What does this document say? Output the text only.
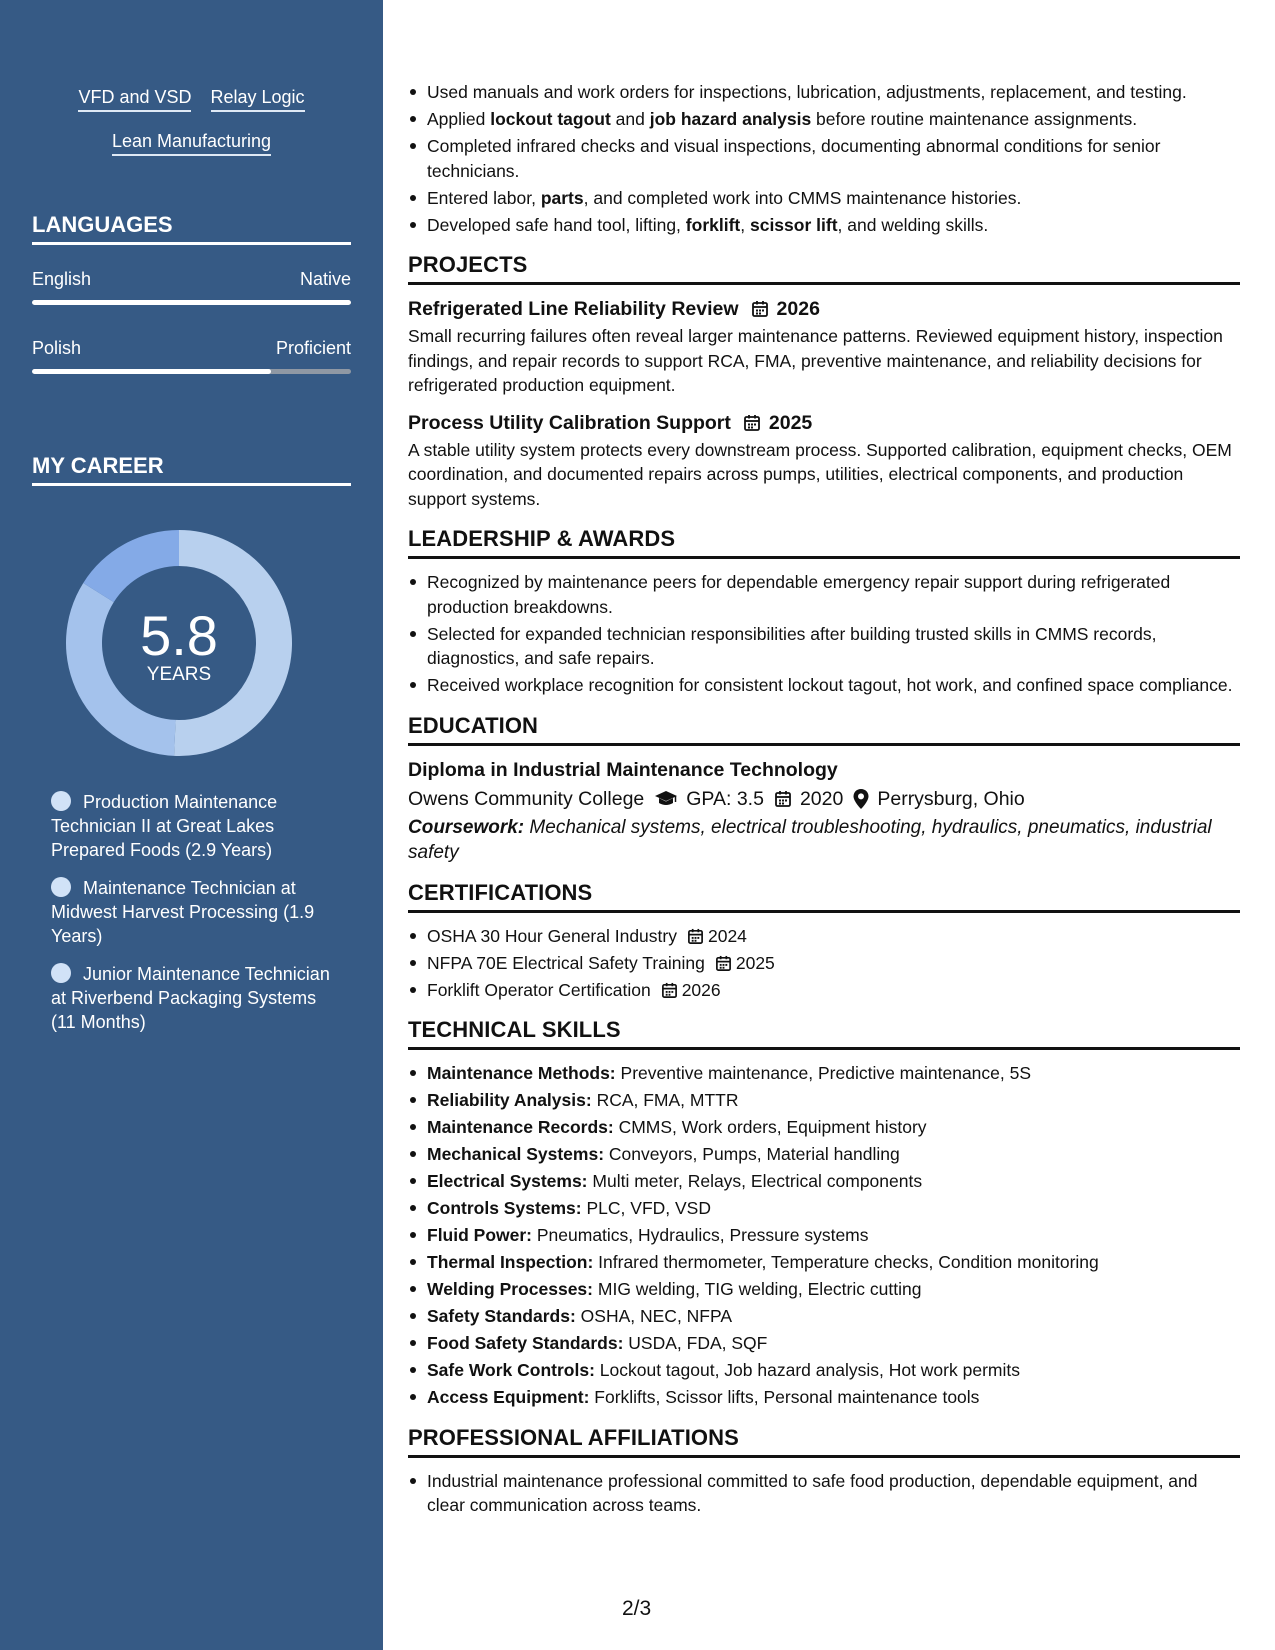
VFD and VSD Relay Logic
Lean Manufacturing
LANGUAGES
English	Native
Polish	Proficient
MY CAREER
5.8
YEARS
Production Maintenance Technician II at Great Lakes Prepared Foods (2.9 Years)
Maintenance Technician at Midwest Harvest Processing (1.9 Years)
Junior Maintenance Technician at Riverbend Packaging Systems (11 Months)
Used manuals and work orders for inspections, lubrication, adjustments, replacement, and testing.
Applied lockout tagout and job hazard analysis before routine maintenance assignments.
Completed infrared checks and visual inspections, documenting abnormal conditions for senior technicians.
Entered labor, parts, and completed work into CMMS maintenance histories.
Developed safe hand tool, lifting, forklift, scissor lift, and welding skills.
PROJECTS
Refrigerated Line Reliability Review 2026
Small recurring failures often reveal larger maintenance patterns. Reviewed equipment history, inspection findings, and repair records to support RCA, FMA, preventive maintenance, and reliability decisions for refrigerated production equipment.
Process Utility Calibration Support 2025
A stable utility system protects every downstream process. Supported calibration, equipment checks, OEM coordination, and documented repairs across pumps, utilities, electrical components, and production support systems.
LEADERSHIP & AWARDS
Recognized by maintenance peers for dependable emergency repair support during refrigerated production breakdowns.
Selected for expanded technician responsibilities after building trusted skills in CMMS records, diagnostics, and safe repairs.
Received workplace recognition for consistent lockout tagout, hot work, and confined space compliance.
EDUCATION
Diploma in Industrial Maintenance Technology
Owens Community College GPA: 3.5 2020 Perrysburg, Ohio
Coursework: Mechanical systems, electrical troubleshooting, hydraulics, pneumatics, industrial safety
CERTIFICATIONS
OSHA 30 Hour General Industry 2024
NFPA 70E Electrical Safety Training 2025
Forklift Operator Certification 2026
TECHNICAL SKILLS
Maintenance Methods: Preventive maintenance, Predictive maintenance, 5S
Reliability Analysis: RCA, FMA, MTTR
Maintenance Records: CMMS, Work orders, Equipment history
Mechanical Systems: Conveyors, Pumps, Material handling
Electrical Systems: Multi meter, Relays, Electrical components
Controls Systems: PLC, VFD, VSD
Fluid Power: Pneumatics, Hydraulics, Pressure systems
Thermal Inspection: Infrared thermometer, Temperature checks, Condition monitoring
Welding Processes: MIG welding, TIG welding, Electric cutting
Safety Standards: OSHA, NEC, NFPA
Food Safety Standards: USDA, FDA, SQF
Safe Work Controls: Lockout tagout, Job hazard analysis, Hot work permits
Access Equipment: Forklifts, Scissor lifts, Personal maintenance tools
PROFESSIONAL AFFILIATIONS
Industrial maintenance professional committed to safe food production, dependable equipment, and clear communication across teams.
2/3
